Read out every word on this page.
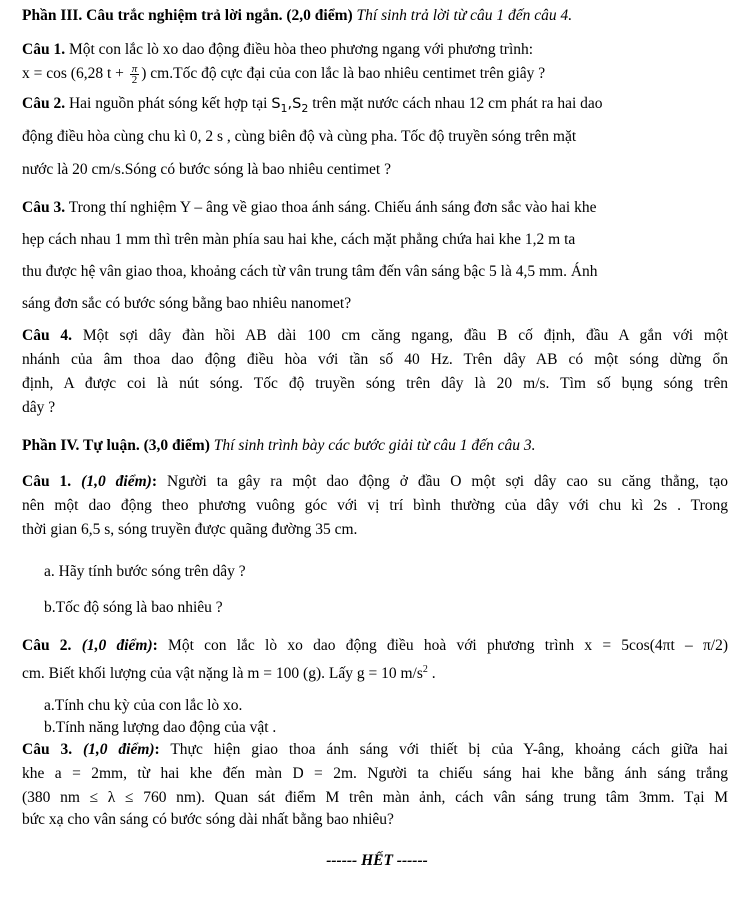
Phần III. Câu trắc nghiệm trả lời ngắn. (2,0 điểm) Thí sinh trả lời từ câu 1 đến câu 4.
Câu 1. Một con lắc lò xo dao động điều hòa theo phương ngang với phương trình:
x = cos (6,28 $t + \frac{\pi}{2}$ ) cm.Tốc độ cực đại của con lắc là bao nhiêu centimet trên giây ?
Câu 2. Hai nguồn phát sóng kết hợp tại $S_1,S_2$ trên mặt nước cách nhau 12 cm phát ra hai dao
động điều hòa cùng chu kì 0, 2 s , cùng biên độ và cùng pha. Tốc độ truyền sóng trên mặt
nước là 20 cm/s.Sóng có bước sóng là bao nhiêu centimet ?
Câu 3. Trong thí nghiệm Y – âng về giao thoa ánh sáng. Chiếu ánh sáng đơn sắc vào hai khe
hẹp cách nhau 1 mm thì trên màn phía sau hai khe, cách mặt phẳng chứa hai khe 1,2 m ta
thu được hệ vân giao thoa, khoảng cách từ vân trung tâm đến vân sáng bậc 5 là 4,5 mm. Ánh
sáng đơn sắc có bước sóng bằng bao nhiêu nanomet?
Câu 4. Một sợi dây đàn hồi AB dài 100 cm căng ngang, đầu B cố định, đầu A gắn với một
nhánh của âm thoa dao động điều hòa với tần số 40 Hz. Trên dây AB có một sóng dừng ổn
định, A được coi là nút sóng. Tốc độ truyền sóng trên dây là 20 m/s. Tìm số bụng sóng trên
dây ?
Phần IV. Tự luận. (3,0 điểm) Thí sinh trình bày các bước giải từ câu 1 đến câu 3.
Câu 1. (1,0 điểm): Người ta gây ra một dao động ở đầu O một sợi dây cao su căng thẳng, tạo
nên một dao động theo phương vuông góc với vị trí bình thường của dây với chu kì 2s . Trong
thời gian 6,5 s, sóng truyền được quãng đường 35 cm.
a. Hãy tính bước sóng trên dây ?
b.Tốc độ sóng là bao nhiêu ?
Câu 2. (1,0 điểm): Một con lắc lò xo dao động điều hoà với phương trình x = 5cos(4πt – π/2)
cm. Biết khối lượng của vật nặng là m = 100 (g). Lấy g = 10 $m/s^2$ .
a.Tính chu kỳ của con lắc lò xo.
b.Tính năng lượng dao động của vật .
Câu 3. (1,0 điểm): Thực hiện giao thoa ánh sáng với thiết bị của Y-âng, khoảng cách giữa hai
khe a = 2mm, từ hai khe đến màn D = 2m. Người ta chiếu sáng hai khe bằng ánh sáng trắng
(380 nm ≤ λ ≤ 760 nm). Quan sát điểm M trên màn ảnh, cách vân sáng trung tâm 3mm. Tại M
bức xạ cho vân sáng có bước sóng dài nhất bằng bao nhiêu?
------ HẾT ------
